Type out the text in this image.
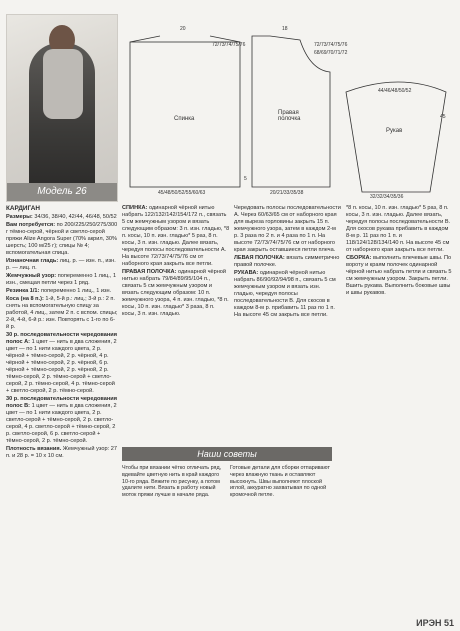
Модель 26
20
72/73/74/75/76
Спинка
45/48/50/52/55/60/63
5
18
72/73/74/75/76
68/69/70/71/72
Правая полочка
20/21/33/35/38
44/46/48/50/52
Рукав
45
32/32/34/35/36
КАРДИГАН

Размеры: 34/36, 38/40, 42/44, 46/48, 50/52

Вам потребуется: по 200/225/250/275/300 г тёмно-серой, чёрной и светло-серой пряжи Alize Angora Super (70% акрил, 30% шерсть; 100 м/25 г); спицы № 4; вспомогательная спица.

Изнаночная гладь: лиц. р. — изн. п., изн. р. — лиц. п.

Жемчужный узор: попеременно 1 лиц., 1 изн., смещая петли через 1 ряд.

Резинка 1/1: попеременно 1 лиц., 1 изн.

Коса (на 8 п.): 1-й, 5-й р.: лиц.; 3-й р.: 2 п. снять на вспомогательную спицу за работой, 4 лиц., затем 2 п. с вспом. спицы; 2-й, 4-й, 6-й р.: изн. Повторять с 1-го по 6-й р.

30 р. последовательности чередования полос А: 1 цвет — нить в два сложения, 2 цвет — по 1 нити каждого цвета, 2 р. чёрной + тёмно-серой, 2 р. чёрной, 4 р. чёрной + тёмно-серой, 2 р. чёрной, 6 р. чёрной + тёмно-серой, 2 р. чёрной, 2 р. тёмно-серой, 2 р. тёмно-серой + светло-серой, 2 р. тёмно-серой, 4 р. тёмно-серой + светло-серой, 2 р. тёмно-серой.

30 р. последовательности чередования полос В: 1 цвет — нить в два сложения, 2 цвет — по 1 нити каждого цвета, 2 р. светло-серой + тёмно-серой, 2 р. светло-серой, 4 р. светло-серой + тёмно-серой, 2 р. светло-серой, 6 р. светло-серой + тёмно-серой, 2 р. тёмно-серой.

Плотность вязания. Жемчужный узор: 27 п. и 28 р. = 10 x 10 см.

СПИНКА: одинарной чёрной нитью набрать 122/132/142/154/172 п., связать 5 см жемчужным узором и вязать следующим образом: 3 п. изн. гладью, *8 п. косы, 10 п. изн. гладью* 5 раз, 8 п. косы, 3 п. изн. гладью. Далее вязать, чередуя полосы последовательности А. На высоте 72/73/74/75/76 см от наборного края закрыть все петли.

ПРАВАЯ ПОЛОЧКА: одинарной чёрной нитью набрать 79/84/89/95/104 п., связать 5 см жемчужным узором и вязать следующим образом: 10 п. жемчужного узора, 4 п. изн. гладью, *8 п. косы, 10 п. изн. гладью* 3 раза, 8 п. косы, 3 п. изн. гладью.

Чередовать полосы последовательности А. Через 60/63/65 см от наборного края для выреза горловины закрыть 15 п. жемчужного узора, затем в каждом 2-м р. 3 раза по 2 п. и 4 раза по 1 п. На высоте 72/73/74/75/76 см от наборного края закрыть оставшиеся петли плеча.

ЛЕВАЯ ПОЛОЧКА: вязать симметрично правой полочке.

РУКАВА: одинарной чёрной нитью набрать 86/90/92/94/98 п., связать 5 см жемчужным узором и вязать изн. гладью, чередуя полосы последовательности В. Для скосов в каждом 8-м р. прибавить 11 раз по 1 п. На высоте 45 см закрыть все петли.

*8 п. косы, 10 п. изн. гладью* 5 раз, 8 п. косы, 3 п. изн. гладью. Далее вязать, чередуя полосы последовательности В. Для скосов рукава прибавить в каждом 8-м р. 11 раз по 1 п. и 118/124/128/134/140 п. На высоте 45 см от наборного края закрыть все петли.

СБОРКА: выполнить плечевые швы. По вороту и краям полочек одинарной чёрной нитью набрать петли и связать 5 см жемчужным узором. Закрыть петли. Вшить рукава. Выполнить боковые швы и швы рукавов.

Наши советы
Чтобы при вязании чётко отличать ряд, вдевайте цветную нить в край каждого 10-го ряда. Вяжите по рисунку, а потом удалите нити. Вязать в работу новый моток пряжи лучше в начале ряда.
Готовые детали для сборки отпаривают через влажную ткань и оставляют высохнуть. Швы выполняют плоской иглой, аккуратно захватывая по одной кромочной петле.
ИРЭН 51
